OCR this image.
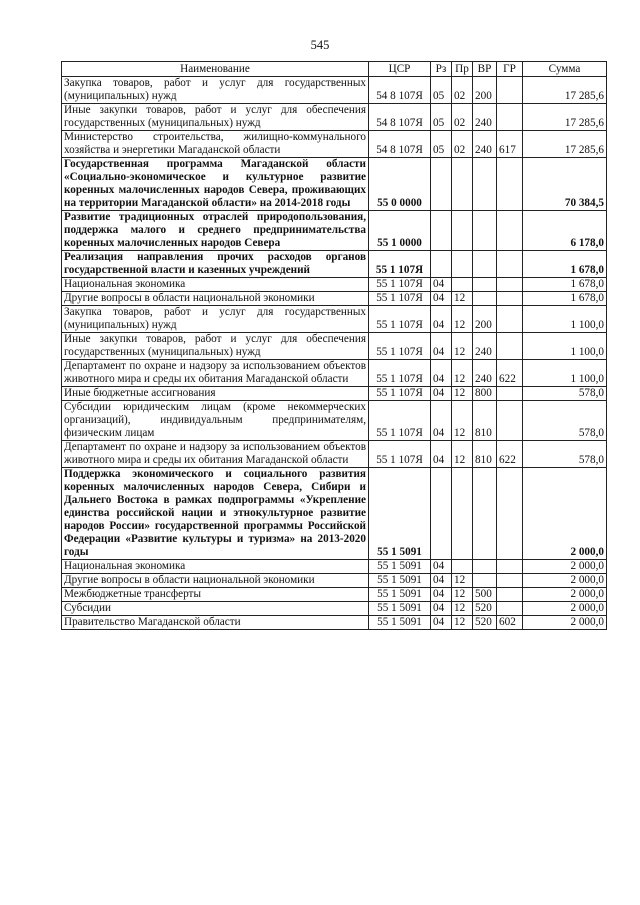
545
Наименование	ЦСР	Рз	Пр	ВР	ГР	Сумма
Закупка товаров, работ и услуг для государственных (муниципальных) нужд	54 8 107Я	05	02	200		17 285,6
Иные закупки товаров, работ и услуг для обеспечения государственных (муниципальных) нужд	54 8 107Я	05	02	240		17 285,6
Министерство строительства, жилищно-коммунального хозяйства и энергетики Магаданской области	54 8 107Я	05	02	240	617	17 285,6
Государственная программа Магаданской области «Социально-экономическое и культурное развитие коренных малочисленных народов Севера, проживающих на территории Магаданской области» на 2014-2018 годы	55 0 0000					70 384,5
Развитие традиционных отраслей природопользования, поддержка малого и среднего предпринимательства коренных малочисленных народов Севера	55 1 0000					6 178,0
Реализация направления прочих расходов органов государственной власти и казенных учреждений	55 1 107Я					1 678,0
Национальная экономика	55 1 107Я	04				1 678,0
Другие вопросы в области национальной экономики	55 1 107Я	04	12			1 678,0
Закупка товаров, работ и услуг для государственных (муниципальных) нужд	55 1 107Я	04	12	200		1 100,0
Иные закупки товаров, работ и услуг для обеспечения государственных (муниципальных) нужд	55 1 107Я	04	12	240		1 100,0
Департамент по охране и надзору за использованием объектов животного мира и среды их обитания Магаданской области	55 1 107Я	04	12	240	622	1 100,0
Иные бюджетные ассигнования	55 1 107Я	04	12	800		578,0
Субсидии юридическим лицам (кроме некоммерческих организаций), индивидуальным предпринимателям, физическим лицам	55 1 107Я	04	12	810		578,0
Департамент по охране и надзору за использованием объектов животного мира и среды их обитания Магаданской области	55 1 107Я	04	12	810	622	578,0
Поддержка экономического и социального развития коренных малочисленных народов Севера, Сибири и Дальнего Востока в рамках подпрограммы «Укрепление единства российской нации и этнокультурное развитие народов России» государственной программы Российской Федерации «Развитие культуры и туризма» на 2013-2020 годы	55 1 5091					2 000,0
Национальная экономика	55 1 5091	04				2 000,0
Другие вопросы в области национальной экономики	55 1 5091	04	12			2 000,0
Межбюджетные трансферты	55 1 5091	04	12	500		2 000,0
Субсидии	55 1 5091	04	12	520		2 000,0
Правительство Магаданской области	55 1 5091	04	12	520	602	2 000,0
